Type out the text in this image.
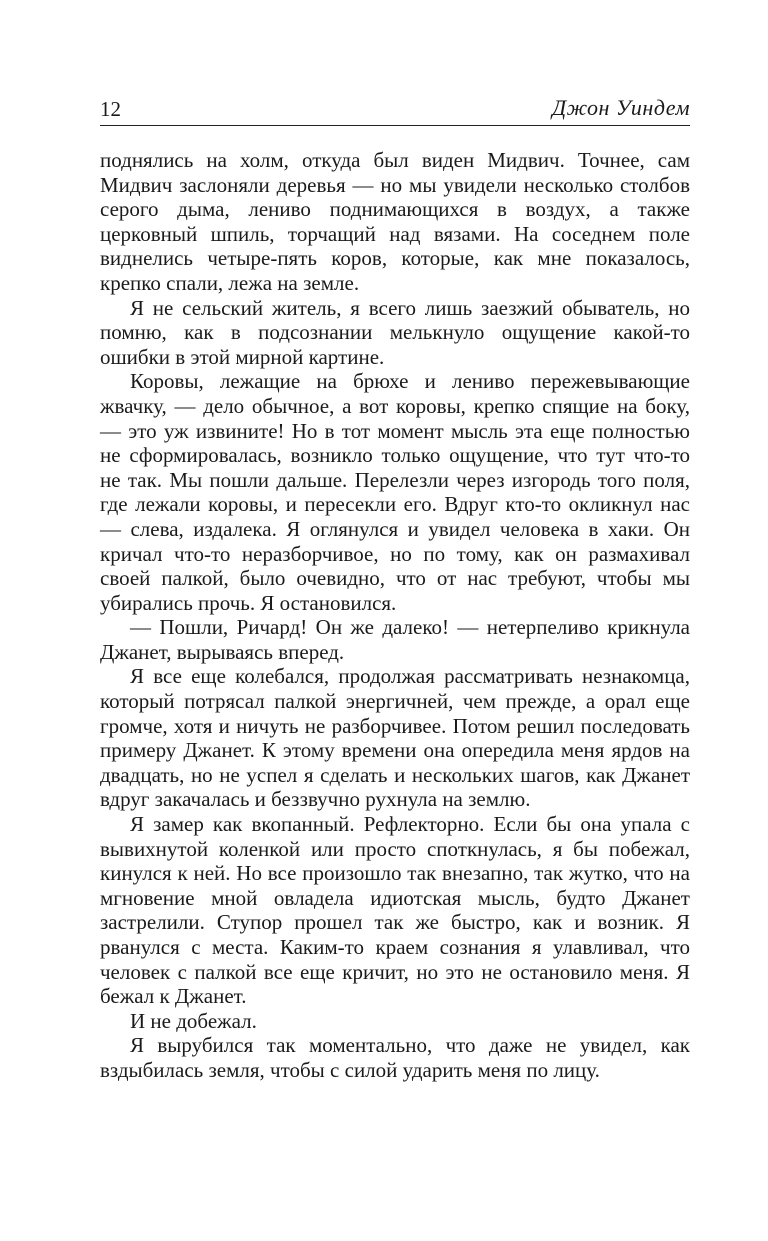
12	Джон Уиндем

поднялись на холм, откуда был виден Мидвич. Точнее, сам Мидвич заслоняли деревья — но мы увидели несколько столбов серого дыма, лениво поднимающихся в воздух, а также церковный шпиль, торчащий над вязами. На соседнем поле виднелись четыре-пять коров, которые, как мне показалось, крепко спали, лежа на земле.

Я не сельский житель, я всего лишь заезжий обыватель, но помню, как в подсознании мелькнуло ощущение какой-то ошибки в этой мирной картине.

Коровы, лежащие на брюхе и лениво пережевывающие жвачку, — дело обычное, а вот коровы, крепко спящие на боку, — это уж извините! Но в тот момент мысль эта еще полностью не сформировалась, возникло только ощущение, что тут что-то не так. Мы пошли дальше. Перелезли через изгородь того поля, где лежали коровы, и пересекли его. Вдруг кто-то окликнул нас — слева, издалека. Я оглянулся и увидел человека в хаки. Он кричал что-то неразборчивое, но по тому, как он размахивал своей палкой, было очевидно, что от нас требуют, чтобы мы убирались прочь. Я остановился.

— Пошли, Ричард! Он же далеко! — нетерпеливо крикнула Джанет, вырываясь вперед.

Я все еще колебался, продолжая рассматривать незнакомца, который потрясал палкой энергичней, чем прежде, а орал еще громче, хотя и ничуть не разборчивее. Потом решил последовать примеру Джанет. К этому времени она опередила меня ярдов на двадцать, но не успел я сделать и нескольких шагов, как Джанет вдруг закачалась и беззвучно рухнула на землю.

Я замер как вкопанный. Рефлекторно. Если бы она упала с вывихнутой коленкой или просто споткнулась, я бы побежал, кинулся к ней. Но все произошло так внезапно, так жутко, что на мгновение мной овладела идиотская мысль, будто Джанет застрелили. Ступор прошел так же быстро, как и возник. Я рванулся с места. Каким-то краем сознания я улавливал, что человек с палкой все еще кричит, но это не остановило меня. Я бежал к Джанет.

И не добежал.

Я вырубился так моментально, что даже не увидел, как вздыбилась земля, чтобы с силой ударить меня по лицу.
